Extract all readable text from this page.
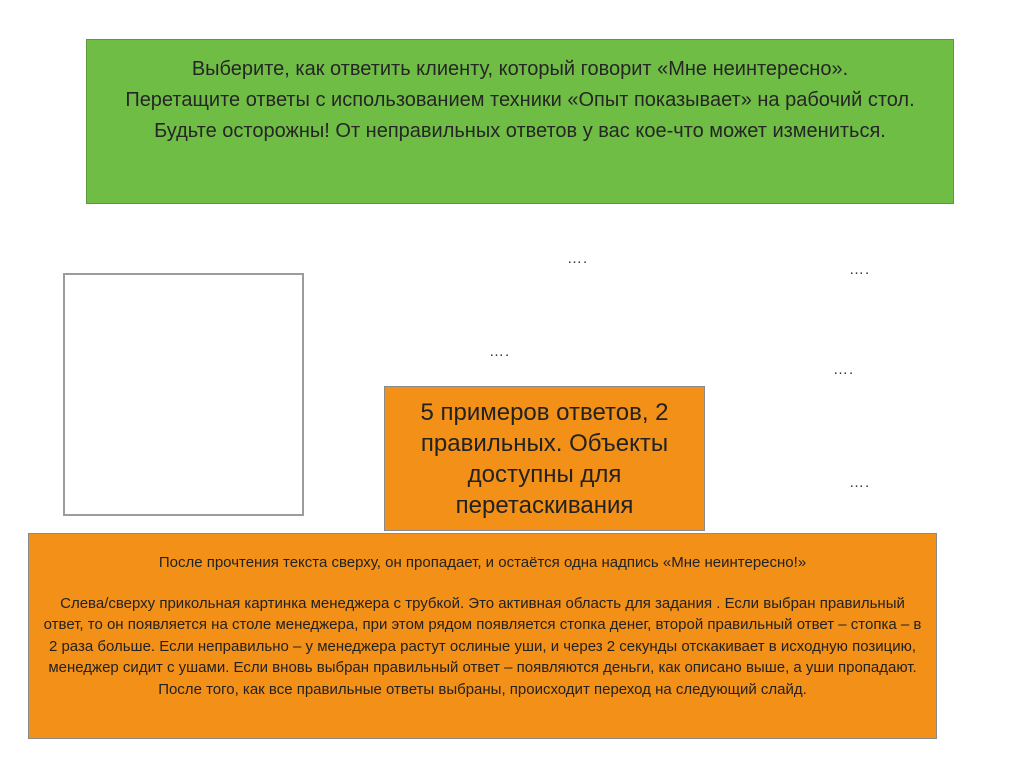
Выберите, как ответить клиенту, который говорит «Мне неинтересно».

Перетащите ответы с использованием техники «Опыт показывает» на рабочий стол.

Будьте осторожны! От неправильных ответов у вас кое-что может измениться.

….
….
….
….
….
5 примеров ответов, 2 правильных. Объекты доступны для перетаскивания

После прочтения текста сверху, он пропадает, и остаётся одна надпись «Мне неинтересно!»

Слева/сверху прикольная картинка менеджера с трубкой. Это активная область для задания . Если выбран правильный ответ, то он появляется на столе менеджера, при этом рядом появляется стопка денег, второй правильный ответ – стопка – в 2 раза больше. Если неправильно – у менеджера растут ослиные уши, и через 2 секунды отскакивает в исходную позицию, менеджер сидит с ушами. Если вновь выбран правильный ответ – появляются деньги, как описано выше, а уши пропадают. После того, как все правильные ответы выбраны, происходит переход на следующий слайд.
